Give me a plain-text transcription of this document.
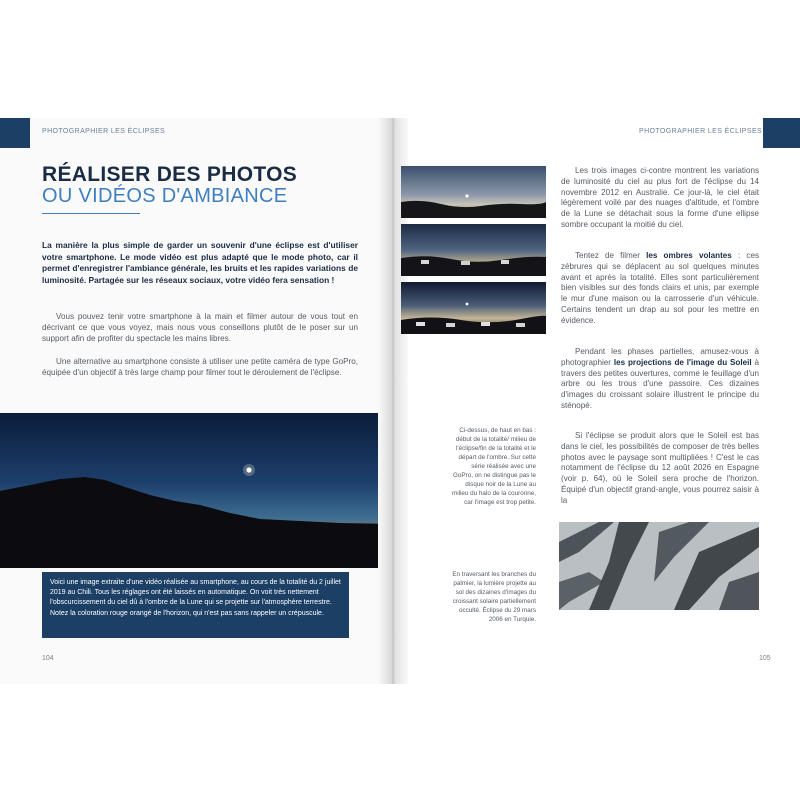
PHOTOGRAPHIER LES ÉCLIPSES
RÉALISER DES PHOTOS
OU VIDÉOS D'AMBIANCE
La manière la plus simple de garder un souvenir d'une éclipse est d'utiliser votre smartphone. Le mode vidéo est plus adapté que le mode photo, car il permet d'enregistrer l'ambiance générale, les bruits et les rapides variations de luminosité. Partagée sur les réseaux sociaux, votre vidéo fera sensation !

Vous pouvez tenir votre smartphone à la main et filmer autour de vous tout en décrivant ce que vous voyez, mais nous vous conseillons plutôt de le poser sur un support afin de profiter du spectacle les mains libres.

Une alternative au smartphone consiste à utiliser une petite caméra de type GoPro, équipée d'un objectif à très large champ pour filmer tout le déroulement de l'éclipse.

Voici une image extraite d'une vidéo réalisée au smartphone, au cours de la totalité du 2 juillet 2019 au Chili. Tous les réglages ont été laissés en automatique. On voit très nettement l'obscurcissement du ciel dû à l'ombre de la Lune qui se projette sur l'atmosphère terrestre. Notez la coloration rouge orangé de l'horizon, qui n'est pas sans rappeler un crépuscule.
104
PHOTOGRAPHIER LES ÉCLIPSES

Ci-dessus, de haut en bas : début de la totalité/ milieu de l'éclipse/fin de la totalité et le départ de l'ombre. Sur cette série réalisée avec une GoPro, on ne distingue pas le disque noir de la Lune au milieu du halo de la couronne, car l'image est trop petite.

En traversant les branches du palmier, la lumière projette au sol des dizaines d'images du croissant solaire partiellement occulté. Éclipse du 29 mars 2006 en Turquie.

Les trois images ci-contre montrent les variations de luminosité du ciel au plus fort de l'éclipse du 14 novembre 2012 en Australie. Ce jour-là, le ciel était légèrement voilé par des nuages d'altitude, et l'ombre de la Lune se détachait sous la forme d'une ellipse sombre occupant la moitié du ciel.

Tentez de filmer les ombres volantes : ces zébrures qui se déplacent au sol quelques minutes avant et après la totalité. Elles sont particulièrement bien visibles sur des fonds clairs et unis, par exemple le mur d'une maison ou la carrosserie d'un véhicule. Certains tendent un drap au sol pour les mettre en évidence.

Pendant les phases partielles, amusez-vous à photographier les projections de l'image du Soleil à travers des petites ouvertures, comme le feuillage d'un arbre ou les trous d'une passoire. Ces dizaines d'images du croissant solaire illustrent le principe du sténopé.

Si l'éclipse se produit alors que le Soleil est bas dans le ciel, les possibilités de composer de très belles photos avec le paysage sont multipliées ! C'est le cas notamment de l'éclipse du 12 août 2026 en Espagne (voir p. 64), où le Soleil sera proche de l'horizon. Équipé d'un objectif grand-angle, vous pourrez saisir à la

105
